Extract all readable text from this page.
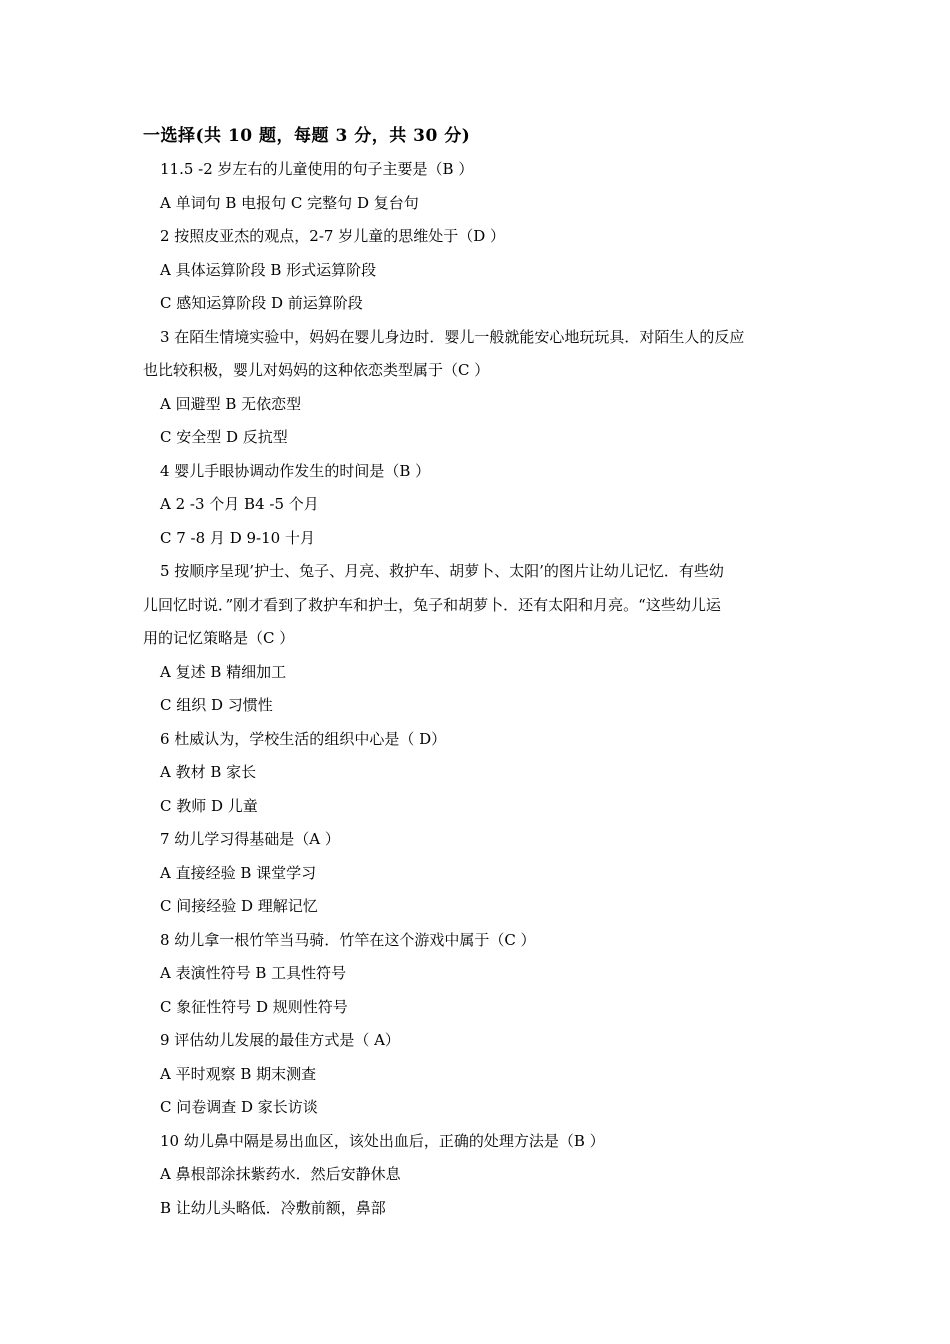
一选择(共 10 题，每题 3 分，共 30 分)
11.5 -2 岁左右的儿童使用的句子主要是（B ）
A 单词句 B 电报句 C 完整句 D 复台句
2 按照皮亚杰的观点，2-7 岁儿童的思维处于（D ）
A 具体运算阶段 B 形式运算阶段
C 感知运算阶段 D 前运算阶段
3 在陌生情境实验中，妈妈在婴儿身边时．婴儿一般就能安心地玩玩具．对陌生人的反应
也比较积极，婴儿对妈妈的这种依恋类型属于（C ）
A 回避型 B 无依恋型
C 安全型 D 反抗型
4 婴儿手眼协调动作发生的时间是（B ）
A 2 -3 个月 B4 -5 个月
C 7 -8 月 D 9-10 十月
5 按顺序呈现’护士、兔子、月亮、救护车、胡萝卜、太阳’的图片让幼儿记忆．有些幼
儿回忆时说．”刚才看到了救护车和护士，兔子和胡萝卜．还有太阳和月亮。“这些幼儿运
用的记忆策略是（C ）
A 复述 B 精细加工
C 组织 D 习惯性
6 杜威认为，学校生活的组织中心是（ D）
A 教材 B 家长
C 教师 D 儿童
7 幼儿学习得基础是（A ）
A 直接经验 B 课堂学习
C 间接经验 D 理解记忆
8 幼儿拿一根竹竿当马骑．竹竿在这个游戏中属于（C ）
A 表演性符号 B 工具性符号
C 象征性符号 D 规则性符号
9 评估幼儿发展的最佳方式是（ A）
A 平时观察 B 期末测查
C 问卷调查 D 家长访谈
10 幼儿鼻中隔是易出血区，该处出血后，正确的处理方法是（B ）
A 鼻根部涂抹紫药水．然后安静休息
B 让幼儿头略低．冷敷前额，鼻部
